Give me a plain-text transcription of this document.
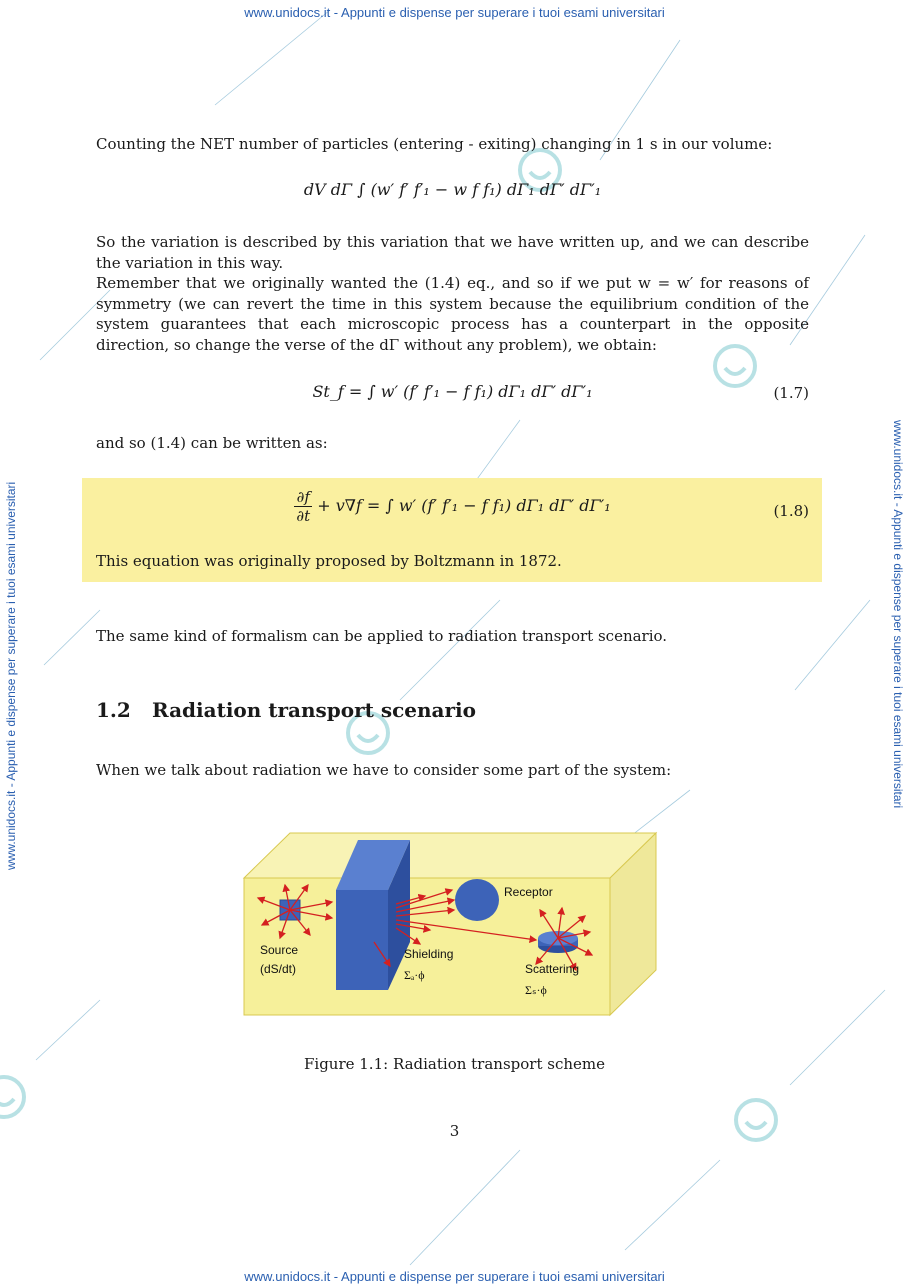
www.unidocs.it - Appunti e dispense per superare i tuoi esami universitari
www.unidocs.it - Appunti e dispense per superare i tuoi esami universitari
www.unidocs.it - Appunti e dispense per superare i tuoi esami universitari	www.unidocs.it - Appunti e dispense per superare i tuoi esami universitari
Counting the NET number of particles (entering - exiting) changing in 1 s in our volume:
dV dΓ ∫ (w′ f′ f′₁ − w f f₁) dΓ₁ dΓ′ dΓ′₁
So the variation is described by this variation that we have written up, and we can describe the variation in this way.
Remember that we originally wanted the (1.4) eq., and so if we put w = w′ for reasons of symmetry (we can revert the time in this system because the equilibrium condition of the system guarantees that each microscopic process has a counterpart in the opposite direction, so change the verse of the dΓ without any problem), we obtain:
St_f = ∫ w′ (f′ f′₁ − f f₁) dΓ₁ dΓ′ dΓ′₁	(1.7)
and so (1.4) can be written as:
$\frac{\partial f}{\partial t} + v\nabla f$ = ∫ w′ (f′ f′₁ − f f₁) dΓ₁ dΓ′ dΓ′₁	(1.8)
This equation was originally proposed by Boltzmann in 1872.
The same kind of formalism can be applied to radiation transport scenario.
1.2 Radiation transport scenario
When we talk about radiation we have to consider some part of the system:
Source
(dS/dt)
Shielding
Σₐ·ϕ
Receptor
Scattering
Σₛ·ϕ
Figure 1.1: Radiation transport scheme
3
